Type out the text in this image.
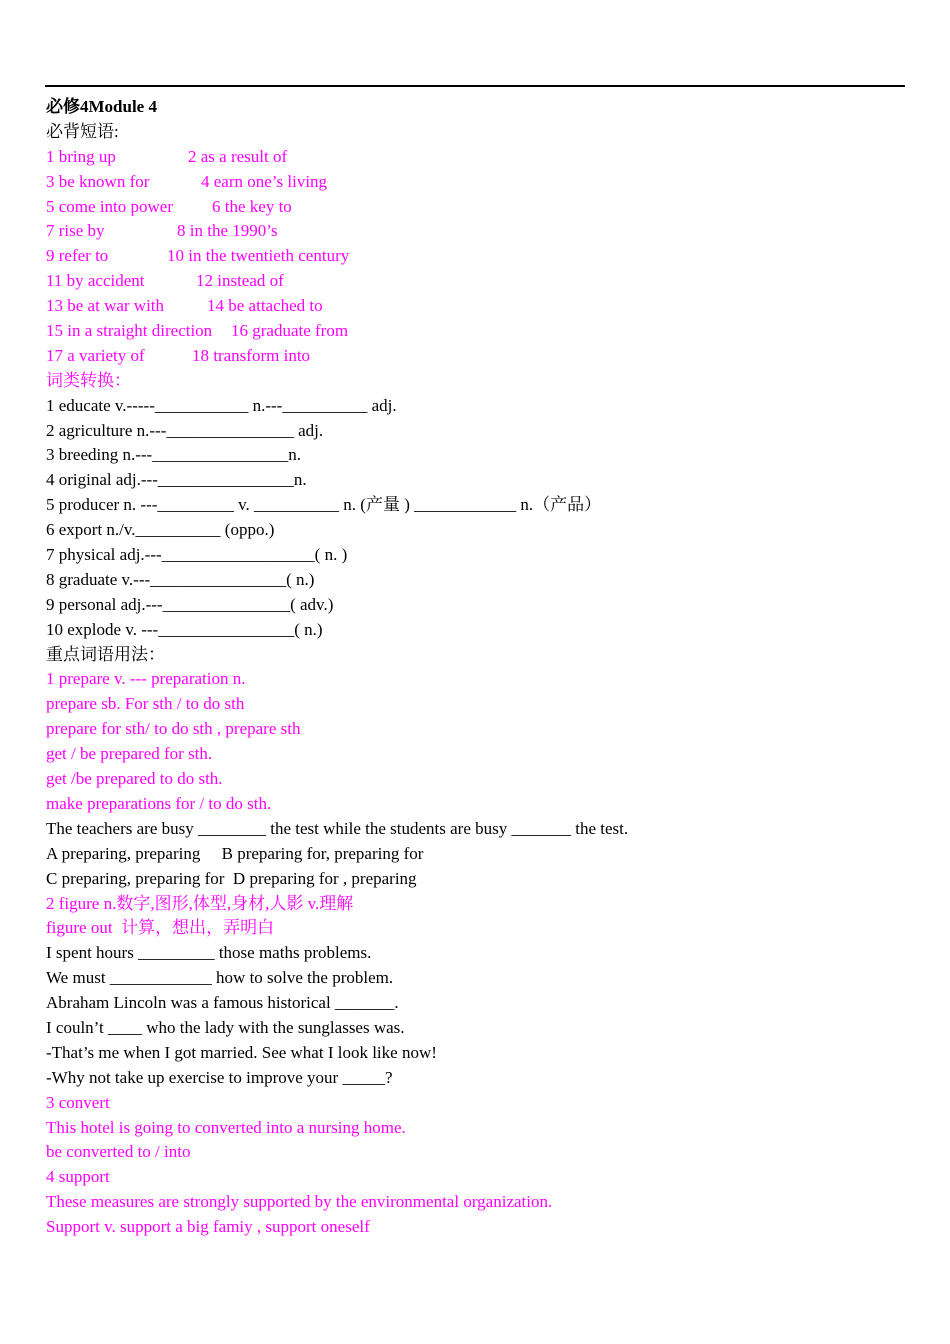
必修4Module 4
必背短语:
1 bring up	2 as a result of
3 be known for	4 earn one’s living
5 come into power 6 the key to
7 rise by	8 in the 1990’s
9 refer to	10 in the twentieth century
11 by accident	12 instead of
13 be at war with	14 be attached to
15 in a straight direction 16 graduate from
17 a variety of	18 transform into
词类转换：
1 educate v.-----___________ n.---__________ adj.
2 agriculture n.---_______________ adj.
3 breeding n.---________________n.
4 original adj.---________________n.
5 producer n. ---_________ v. __________ n. (产量 ) ____________ n.（产品）
6 export n./v.__________ (oppo.)
7 physical adj.---__________________( n. )
8 graduate v.---________________( n.)
9 personal adj.---_______________( adv.)
10 explode v. ---________________( n.)
重点词语用法：
1 prepare v. --- preparation n.
prepare sb. For sth / to do sth
prepare for sth/ to do sth , prepare sth
get / be prepared for sth.
get /be prepared to do sth.
make preparations for / to do sth.
The teachers are busy ________ the test while the students are busy _______ the test.
A preparing, preparing     B preparing for, preparing for
C preparing, preparing for  D preparing for , preparing
2 figure n.数字,图形,体型,身材,人影 v.理解
figure out  计算，想出，弄明白
I spent hours _________ those maths problems.
We must ____________ how to solve the problem.
Abraham Lincoln was a famous historical _______.
I couln’t ____ who the lady with the sunglasses was.
-That’s me when I got married. See what I look like now!
-Why not take up exercise to improve your _____?
3 convert
This hotel is going to converted into a nursing home.
be converted to / into
4 support
These measures are strongly supported by the environmental organization.
Support v. support a big famiy , support oneself
